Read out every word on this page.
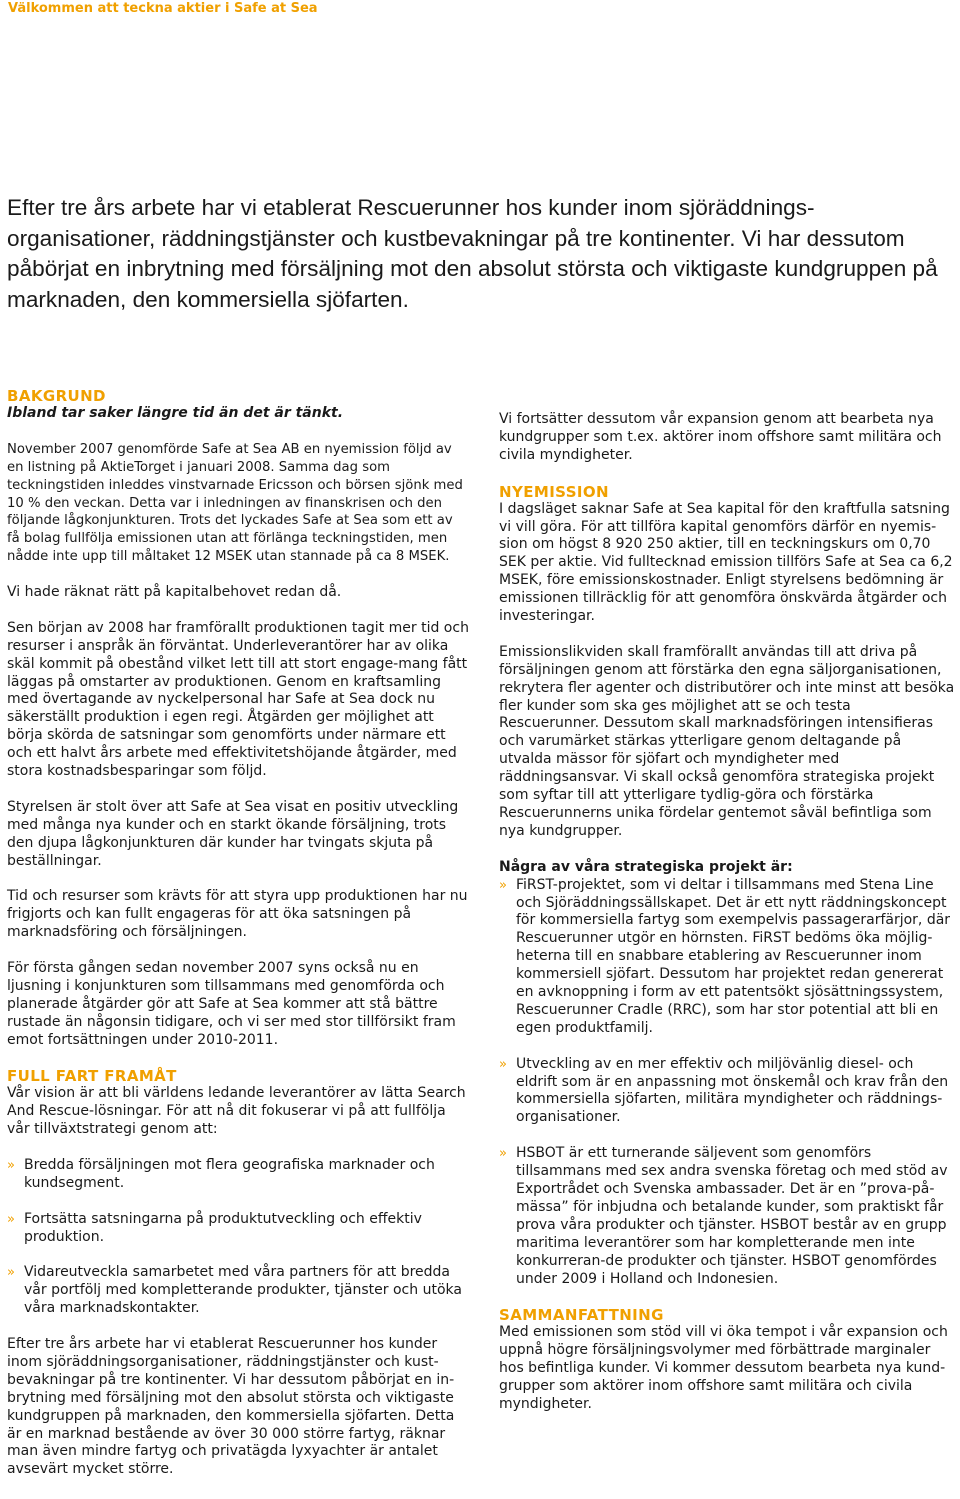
Välkommen att teckna aktier i Safe at Sea

Efter tre års arbete har vi etablerat Rescuerunner hos kunder inom sjöräddnings-organisationer, räddningstjänster och kustbevakningar på tre kontinenter. Vi har dessutom påbörjat en inbrytning med försäljning mot den absolut största och viktigaste kundgruppen på marknaden, den kommersiella sjöfarten.

BAKGRUND

Ibland tar saker längre tid än det är tänkt.

November 2007 genomförde Safe at Sea AB en nyemission följd av en listning på AktieTorget i januari 2008. Samma dag som teckningstiden inleddes vinstvarnade Ericsson och börsen sjönk med 10 % den veckan. Detta var i inledningen av finanskrisen och den följande lågkonjunkturen. Trots det lyckades Safe at Sea som ett av få bolag fullfölja emissionen utan att förlänga teckningstiden, men nådde inte upp till måltaket 12 MSEK utan stannade på ca 8 MSEK.

Vi hade räknat rätt på kapitalbehovet redan då.

Sen början av 2008 har framförallt produktionen tagit mer tid och resurser i anspråk än förväntat. Underleverantörer har av olika skäl kommit på obestånd vilket lett till att stort engage-mang fått läggas på omstarter av produktionen. Genom en kraftsamling med övertagande av nyckelpersonal har Safe at Sea dock nu säkerställt produktion i egen regi. Åtgärden ger möjlighet att börja skörda de satsningar som genomförts under närmare ett och ett halvt års arbete med effektivitetshöjande åtgärder, med stora kostnadsbesparingar som följd.

Styrelsen är stolt över att Safe at Sea visat en positiv utveckling med många nya kunder och en starkt ökande försäljning, trots den djupa lågkonjunkturen där kunder har tvingats skjuta på beställningar.

Tid och resurser som krävts för att styra upp produktionen har nu frigjorts och kan fullt engageras för att öka satsningen på marknadsföring och försäljningen.

För första gången sedan november 2007 syns också nu en ljusning i konjunkturen som tillsammans med genomförda och planerade åtgärder gör att Safe at Sea kommer att stå bättre rustade än någonsin tidigare, och vi ser med stor tillförsikt fram emot fortsättningen under 2010-2011.

FULL FART FRAMÅT

Vår vision är att bli världens ledande leverantörer av lätta Search And Rescue-lösningar. För att nå dit fokuserar vi på att fullfölja vår tillväxtstrategi genom att:

» Bredda försäljningen mot flera geografiska marknader och kundsegment.
» Fortsätta satsningarna på produktutveckling och effektiv produktion.
» Vidareutveckla samarbetet med våra partners för att bredda vår portfölj med kompletterande produkter, tjänster och utöka våra marknadskontakter.

Efter tre års arbete har vi etablerat Rescuerunner hos kunder inom sjöräddningsorganisationer, räddningstjänster och kust-bevakningar på tre kontinenter. Vi har dessutom påbörjat en in-brytning med försäljning mot den absolut största och viktigaste kundgruppen på marknaden, den kommersiella sjöfarten. Detta är en marknad bestående av över 30 000 större fartyg, räknar man även mindre fartyg och privatägda lyxyachter är antalet avsevärt mycket större.

Vi fortsätter dessutom vår expansion genom att bearbeta nya kundgrupper som t.ex. aktörer inom offshore samt militära och civila myndigheter.

NYEMISSION

I dagsläget saknar Safe at Sea kapital för den kraftfulla satsning vi vill göra. För att tillföra kapital genomförs därför en nyemis-sion om högst 8 920 250 aktier, till en teckningskurs om 0,70 SEK per aktie. Vid fulltecknad emission tillförs Safe at Sea ca 6,2 MSEK, före emissionskostnader. Enligt styrelsens bedömning är emissionen tillräcklig för att genomföra önskvärda åtgärder och investeringar.

Emissionslikviden skall framförallt användas till att driva på försäljningen genom att förstärka den egna säljorganisationen, rekrytera fler agenter och distributörer och inte minst att besöka fler kunder som ska ges möjlighet att se och testa Rescuerunner. Dessutom skall marknadsföringen intensifieras och varumärket stärkas ytterligare genom deltagande på utvalda mässor för sjöfart och myndigheter med räddningsansvar. Vi skall också genomföra strategiska projekt som syftar till att ytterligare tydlig-göra och förstärka Rescuerunnerns unika fördelar gentemot såväl befintliga som nya kundgrupper.

Några av våra strategiska projekt är:

» FiRST-projektet, som vi deltar i tillsammans med Stena Line och Sjöräddningssällskapet. Det är ett nytt räddningskoncept för kommersiella fartyg som exempelvis passagerarfärjor, där Rescuerunner utgör en hörnsten. FiRST bedöms öka möjlig-heterna till en snabbare etablering av Rescuerunner inom kommersiell sjöfart. Dessutom har projektet redan genererat en avknoppning i form av ett patentsökt sjösättningssystem, Rescuerunner Cradle (RRC), som har stor potential att bli en egen produktfamilj.
» Utveckling av en mer effektiv och miljövänlig diesel- och eldrift som är en anpassning mot önskemål och krav från den kommersiella sjöfarten, militära myndigheter och räddnings-organisationer.
» HSBOT är ett turnerande säljevent som genomförs tillsammans med sex andra svenska företag och med stöd av Exportrådet och Svenska ambassader. Det är en ”prova-på-mässa” för inbjudna och betalande kunder, som praktiskt får prova våra produkter och tjänster. HSBOT består av en grupp maritima leverantörer som har kompletterande men inte konkurreran-de produkter och tjänster. HSBOT genomfördes under 2009 i Holland och Indonesien.
SAMMANFATTNING

Med emissionen som stöd vill vi öka tempot i vår expansion och uppnå högre försäljningsvolymer med förbättrade marginaler hos befintliga kunder. Vi kommer dessutom bearbeta nya kund-grupper som aktörer inom offshore samt militära och civila myndigheter.
